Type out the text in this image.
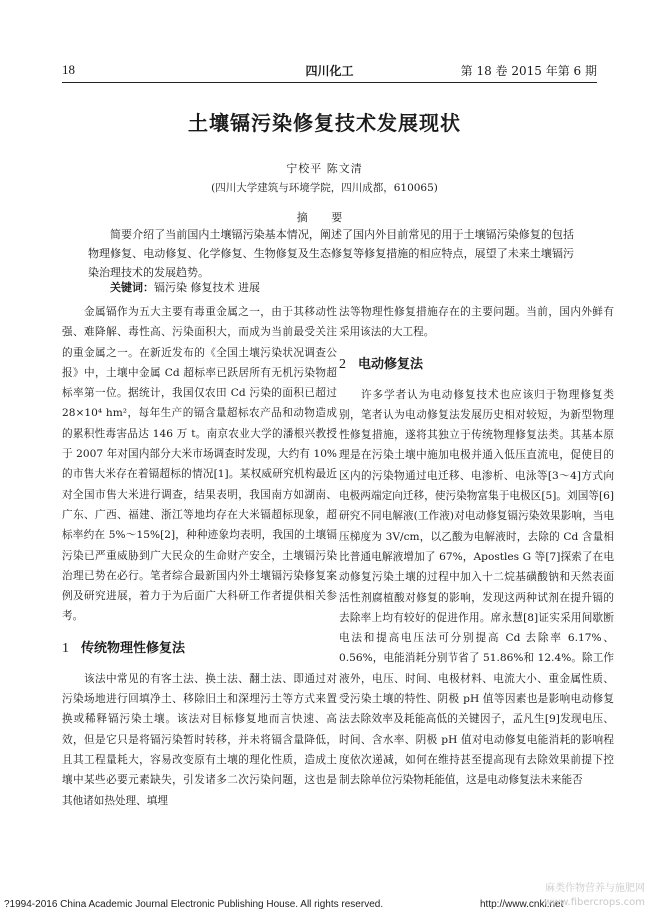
18	四川化工	第 18 卷 2015 年第 6 期
土壤镉污染修复技术发展现状
宁校平 陈文清
(四川大学建筑与环境学院，四川成都，610065)
摘 要
简要介绍了当前国内土壤镉污染基本情况，阐述了国内外目前常见的用于土壤镉污染修复的包括物理修复、电动修复、化学修复、生物修复及生态修复等修复措施的相应特点，展望了未来土壤镉污染治理技术的发展趋势。
关键词：镉污染 修复技术 进展

金属镉作为五大主要有毒重金属之一，由于其移动性强、难降解、毒性高、污染面积大，而成为当前最受关注的重金属之一。在新近发布的《全国土壤污染状况调查公报》中，土壤中金属 Cd 超标率已跃居所有无机污染物超标率第一位。据统计，我国仅农田 Cd 污染的面积已超过 28×10⁴ hm²，每年生产的镉含量超标农产品和动物造成的累积性毒害品达 146 万 t。南京农业大学的潘根兴教授于 2007 年对国内部分大米市场调查时发现，大约有 10% 的市售大米存在着镉超标的情况[1]。某权威研究机构最近对全国市售大米进行调查，结果表明，我国南方如湖南、广东、广西、福建、浙江等地均存在大米镉超标现象，超标率约在 5%～15%[2]，种种迹象均表明，我国的土壤镉污染已严重威胁到广大民众的生命财产安全，土壤镉污染治理已势在必行。笔者综合最新国内外土壤镉污染修复案例及研究进展，着力于为后面广大科研工作者提供相关参考。

1 传统物理性修复法

该法中常见的有客土法、换土法、翻土法、即通过对污染场地进行回填净土、移除旧土和深埋污土等方式来置换或稀释镉污染土壤。该法对目标修复地而言快速、高效，但是它只是将镉污染暂时转移，并未将镉含量降低，且其工程量耗大，容易改变原有土壤的理化性质，造成土壤中某些必要元素缺失，引发诸多二次污染问题，这也是其他诸如热处理、填埋

法等物理性修复措施存在的主要问题。当前，国内外鲜有采用该法的大工程。

2 电动修复法

许多学者认为电动修复技术也应该归于物理修复类别，笔者认为电动修复法发展历史相对较短，为新型物理性修复措施，遂将其独立于传统物理修复法类。其基本原理是在污染土壤中施加电极并通入低压直流电，促使目的区内的污染物通过电迁移、电渗析、电泳等[3～4]方式向电极两端定向迁移，使污染物富集于电极区[5]。刘国等[6]研究不同电解液(工作液)对电动修复镉污染效果影响，当电压梯度为 3V/cm，以乙酸为电解液时，去除的 Cd 含量相比普通电解液增加了 67%，Apostles G 等[7]探索了在电动修复污染土壤的过程中加入十二烷基磺酸钠和天然表面活性剂腐植酸对修复的影响，发现这两种试剂在提升镉的去除率上均有较好的促进作用。席永慧[8]证实采用间歇断电法和提高电压法可分别提高 Cd 去除率 6.17%、0.56%，电能消耗分别节省了 51.86%和 12.4%。除工作液外，电压、时间、电极材料、电流大小、重金属性质、受污染土壤的特性、阴极 pH 值等因素也是影响电动修复法去除效率及耗能高低的关键因子，孟凡生[9]发现电压、时间、含水率、阴极 pH 值对电动修复电能消耗的影响程度依次递减，如何在维持甚至提高现有去除效果前提下控制去除单位污染物耗能值，这是电动修复法未来能否

?1994-2016 China Academic Journal Electronic Publishing House. All rights reserved.	http://www.cnki.net
麻类作物营养与施肥网
www.fibercrops.com
